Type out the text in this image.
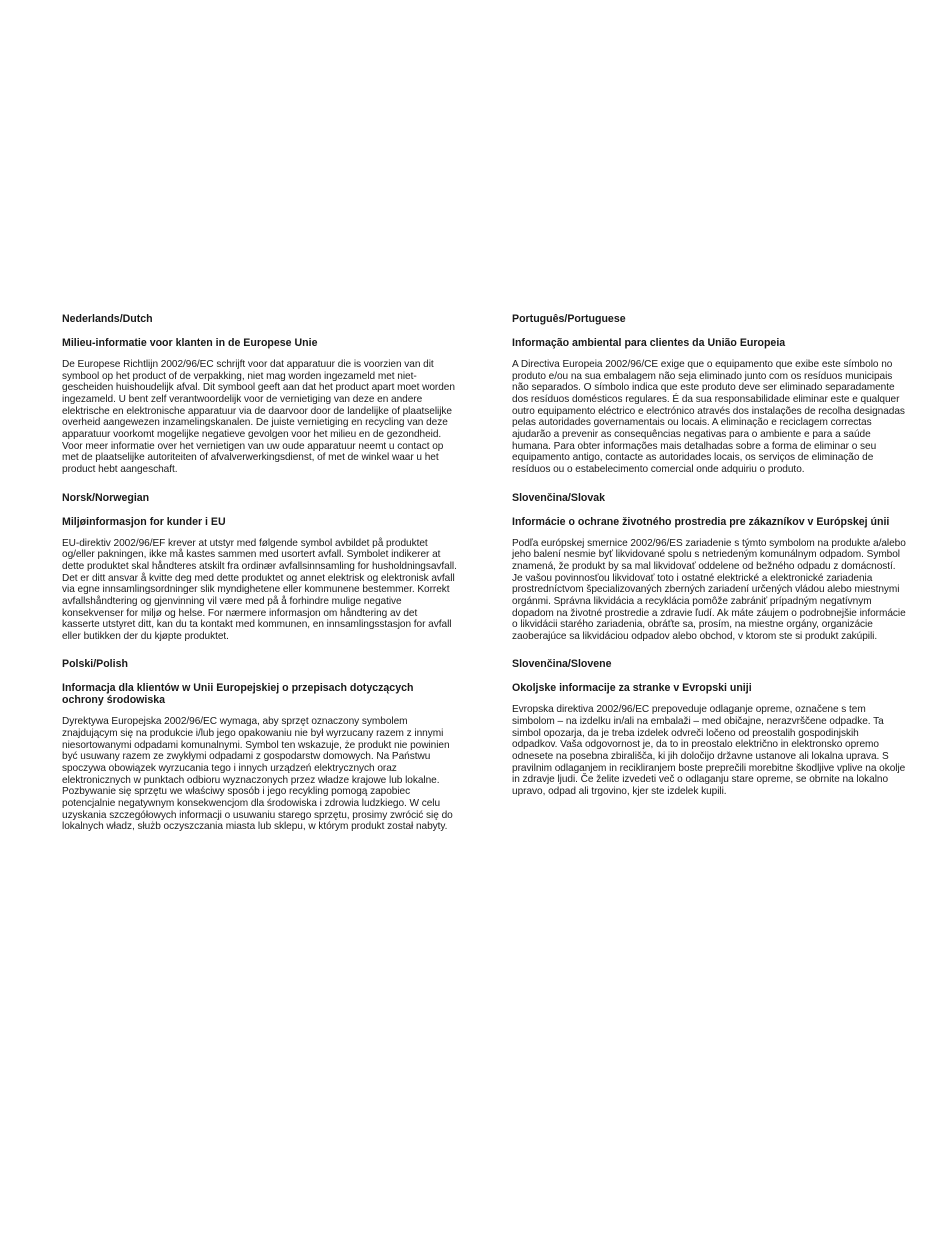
Nederlands/Dutch

Milieu-informatie voor klanten in de Europese Unie

De Europese Richtlijn 2002/96/EC schrijft voor dat apparatuur die is voorzien van dit symbool op het product of de verpakking, niet mag worden ingezameld met niet-gescheiden huishoudelijk afval. Dit symbool geeft aan dat het product apart moet worden ingezameld. U bent zelf verantwoordelijk voor de vernietiging van deze en andere elektrische en elektronische apparatuur via de daarvoor door de landelijke of plaatselijke overheid aangewezen inzamelingskanalen. De juiste vernietiging en recycling van deze apparatuur voorkomt mogelijke negatieve gevolgen voor het milieu en de gezondheid. Voor meer informatie over het vernietigen van uw oude apparatuur neemt u contact op met de plaatselijke autoriteiten of afvalverwerkingsdienst, of met de winkel waar u het product hebt aangeschaft.

Norsk/Norwegian

Miljøinformasjon for kunder i EU

EU-direktiv 2002/96/EF krever at utstyr med følgende symbol avbildet på produktet og/eller pakningen, ikke må kastes sammen med usortert avfall. Symbolet indikerer at dette produktet skal håndteres atskilt fra ordinær avfallsinnsamling for husholdningsavfall. Det er ditt ansvar å kvitte deg med dette produktet og annet elektrisk og elektronisk avfall via egne innsamlingsordninger slik myndighetene eller kommunene bestemmer. Korrekt avfallshåndtering og gjenvinning vil være med på å forhindre mulige negative konsekvenser for miljø og helse. For nærmere informasjon om håndtering av det kasserte utstyret ditt, kan du ta kontakt med kommunen, en innsamlingsstasjon for avfall eller butikken der du kjøpte produktet.

Polski/Polish

Informacja dla klientów w Unii Europejskiej o przepisach dotyczących ochrony środowiska

Dyrektywa Europejska 2002/96/EC wymaga, aby sprzęt oznaczony symbolem znajdującym się na produkcie i/lub jego opakowaniu nie był wyrzucany razem z innymi niesortowanymi odpadami komunalnymi. Symbol ten wskazuje, że produkt nie powinien być usuwany razem ze zwykłymi odpadami z gospodarstw domowych. Na Państwu spoczywa obowiązek wyrzucania tego i innych urządzeń elektrycznych oraz elektronicznych w punktach odbioru wyznaczonych przez władze krajowe lub lokalne. Pozbywanie się sprzętu we właściwy sposób i jego recykling pomogą zapobiec potencjalnie negatywnym konsekwencjom dla środowiska i zdrowia ludzkiego. W celu uzyskania szczegółowych informacji o usuwaniu starego sprzętu, prosimy zwrócić się do lokalnych władz, służb oczyszczania miasta lub sklepu, w którym produkt został nabyty.

Português/Portuguese

Informação ambiental para clientes da União Europeia

A Directiva Europeia 2002/96/CE exige que o equipamento que exibe este símbolo no produto e/ou na sua embalagem não seja eliminado junto com os resíduos municipais não separados. O símbolo indica que este produto deve ser eliminado separadamente dos resíduos domésticos regulares. É da sua responsabilidade eliminar este e qualquer outro equipamento eléctrico e electrónico através dos instalações de recolha designadas pelas autoridades governamentais ou locais. A eliminação e reciclagem correctas ajudarão a prevenir as consequências negativas para o ambiente e para a saúde humana. Para obter informações mais detalhadas sobre a forma de eliminar o seu equipamento antigo, contacte as autoridades locais, os serviços de eliminação de resíduos ou o estabelecimento comercial onde adquiriu o produto.

Slovenčina/Slovak

Informácie o ochrane životného prostredia pre zákazníkov v Európskej únii

Podľa európskej smernice 2002/96/ES zariadenie s týmto symbolom na produkte a/alebo jeho balení nesmie byť likvidované spolu s netriedeným komunálnym odpadom. Symbol znamená, že produkt by sa mal likvidovať oddelene od bežného odpadu z domácností. Je vašou povinnosťou likvidovať toto i ostatné elektrické a elektronické zariadenia prostredníctvom špecializovaných zberných zariadení určených vládou alebo miestnymi orgánmi. Správna likvidácia a recyklácia pomôže zabrániť prípadným negatívnym dopadom na životné prostredie a zdravie ľudí. Ak máte záujem o podrobnejšie informácie o likvidácii starého zariadenia, obráťte sa, prosím, na miestne orgány, organizácie zaoberajúce sa likvidáciou odpadov alebo obchod, v ktorom ste si produkt zakúpili.

Slovenčina/Slovene

Okoljske informacije za stranke v Evropski uniji

Evropska direktiva 2002/96/EC prepoveduje odlaganje opreme, označene s tem simbolom – na izdelku in/ali na embalaži – med običajne, nerazvrščene odpadke. Ta simbol opozarja, da je treba izdelek odvreči ločeno od preostalih gospodinjskih odpadkov. Vaša odgovornost je, da to in preostalo električno in elektronsko opremo odnesete na posebna zbirališča, ki jih določijo državne ustanove ali lokalna uprava. S pravilnim odlaganjem in recikliranjem boste preprečili morebitne škodljive vplive na okolje in zdravje ljudi. Če želite izvedeti več o odlaganju stare opreme, se obrnite na lokalno upravo, odpad ali trgovino, kjer ste izdelek kupili.
